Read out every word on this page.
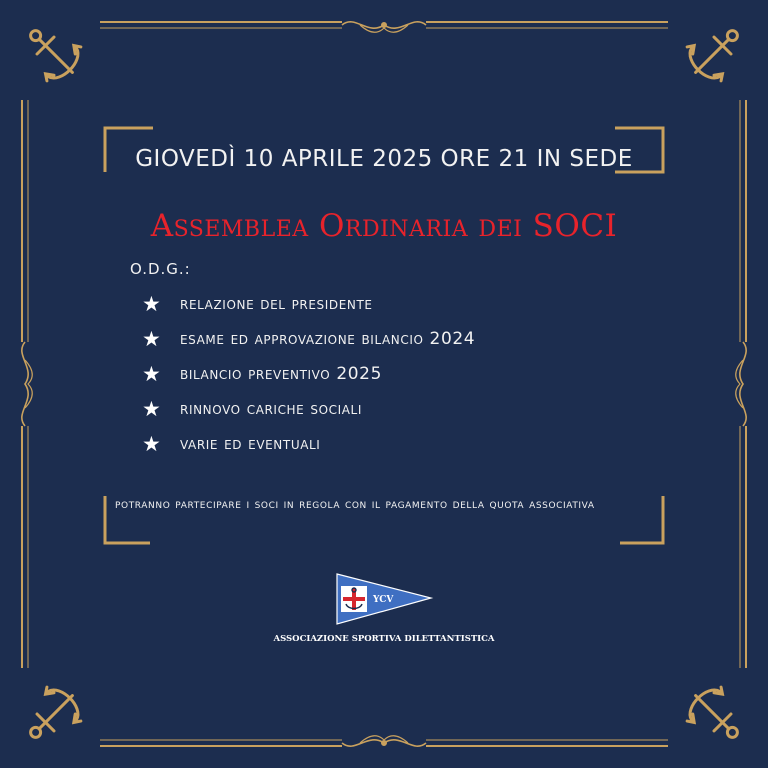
GIOVEDÌ 10 APRILE 2025 ORE 21 IN SEDE
Assemblea Ordinaria dei SOCI
O.D.G.:
★	relazione del presidente
★	esame ed approvazione bilancio 2024
★	bilancio preventivo 2025
★	rinnovo cariche sociali
★	varie ed eventuali
potranno partecipare i soci in regola con il pagamento della quota associativa
YCV
ASSOCIAZIONE SPORTIVA DILETTANTISTICA
